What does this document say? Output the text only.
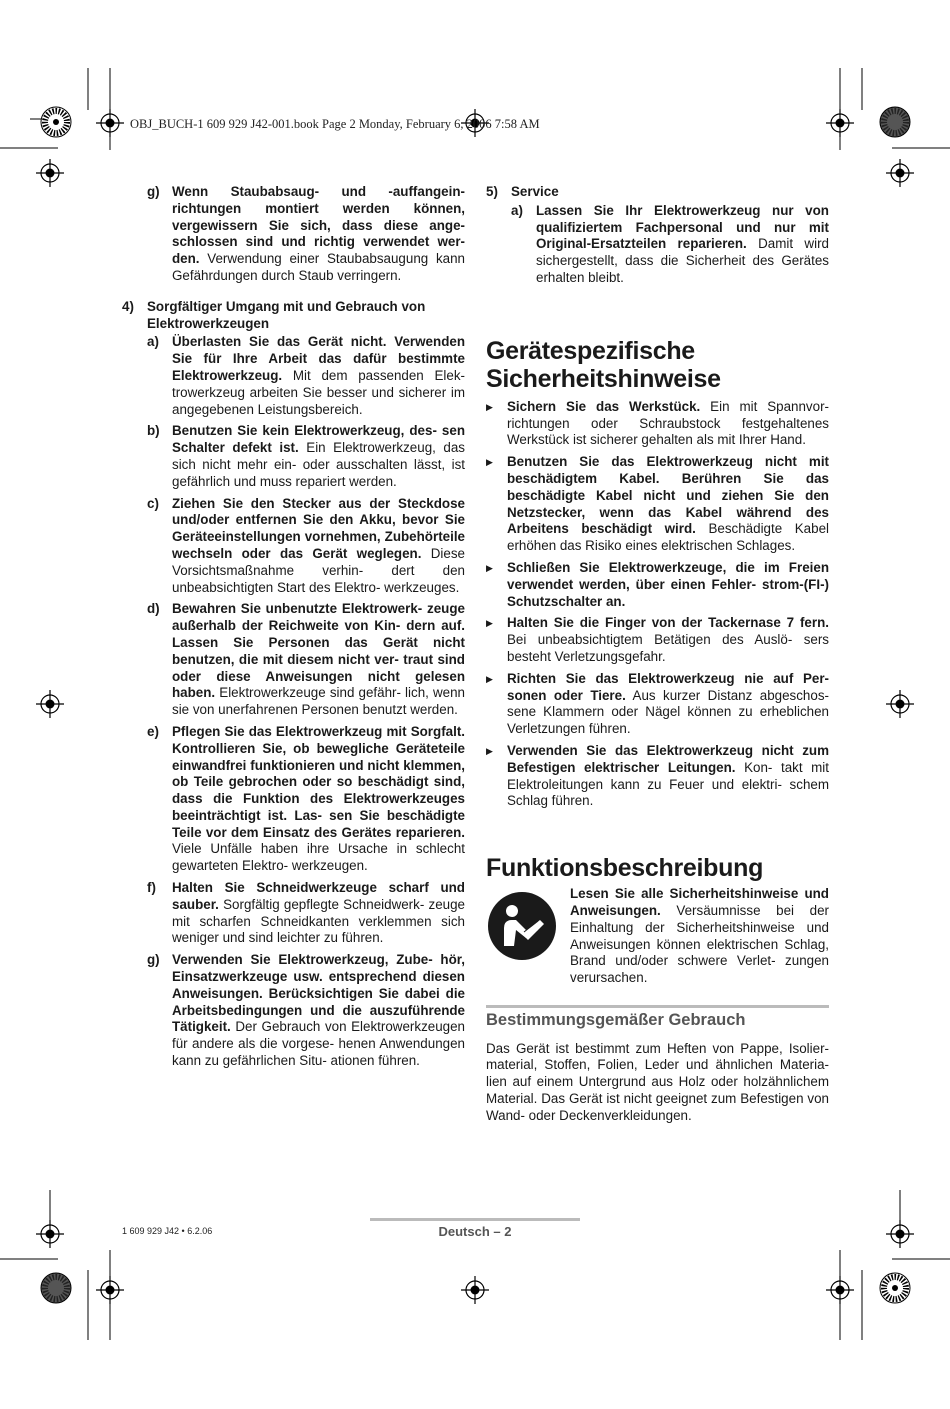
OBJ_BUCH-1 609 929 J42-001.book Page 2 Monday, February 6, 2006 7:58 AM
g) Wenn Staubabsaug- und -auffangein- richtungen montiert werden können, vergewissern Sie sich, dass diese ange- schlossen sind und richtig verwendet wer- den. Verwendung einer Staubabsaugung kann Gefährdungen durch Staub verringern.
4) Sorgfältiger Umgang mit und Gebrauch von Elektrowerkzeugen
a) Überlasten Sie das Gerät nicht. Verwenden Sie für Ihre Arbeit das dafür bestimmte Elektrowerkzeug. Mit dem passenden Elek- trowerkzeug arbeiten Sie besser und sicherer im angegebenen Leistungsbereich.
b) Benutzen Sie kein Elektrowerkzeug, des- sen Schalter defekt ist. Ein Elektrowerkzeug, das sich nicht mehr ein- oder ausschalten lässt, ist gefährlich und muss repariert werden.
c) Ziehen Sie den Stecker aus der Steckdose und/oder entfernen Sie den Akku, bevor Sie Geräteeinstellungen vornehmen, Zubehörteile wechseln oder das Gerät weglegen. Diese Vorsichtsmaßnahme verhin- dert den unbeabsichtigten Start des Elektro- werkzeuges.
d) Bewahren Sie unbenutzte Elektrowerk- zeuge außerhalb der Reichweite von Kin- dern auf. Lassen Sie Personen das Gerät nicht benutzen, die mit diesem nicht ver- traut sind oder diese Anweisungen nicht gelesen haben. Elektrowerkzeuge sind gefähr- lich, wenn sie von unerfahrenen Personen benutzt werden.
e) Pflegen Sie das Elektrowerkzeug mit Sorgfalt. Kontrollieren Sie, ob bewegliche Geräteteile einwandfrei funktionieren und nicht klemmen, ob Teile gebrochen oder so beschädigt sind, dass die Funktion des Elektrowerkzeuges beeinträchtigt ist. Las- sen Sie beschädigte Teile vor dem Einsatz des Gerätes reparieren. Viele Unfälle haben ihre Ursache in schlecht gewarteten Elektro- werkzeugen.
f)	Halten Sie Schneidwerkzeuge scharf und sauber. Sorgfältig gepflegte Schneidwerk- zeuge mit scharfen Schneidkanten verklemmen sich weniger und sind leichter zu führen.
g) Verwenden Sie Elektrowerkzeug, Zube- hör, Einsatzwerkzeuge usw. entsprechend diesen Anweisungen. Berücksichtigen Sie dabei die Arbeitsbedingungen und die auszuführende Tätigkeit. Der Gebrauch von Elektrowerkzeugen für andere als die vorgese- henen Anwendungen kann zu gefährlichen Situ- ationen führen.
5) Service
a) Lassen Sie Ihr Elektrowerkzeug nur von qualifiziertem Fachpersonal und nur mit Original-Ersatzteilen reparieren. Damit wird sichergestellt, dass die Sicherheit des Gerätes erhalten bleibt.
Gerätespezifische Sicherheitshinweise
▶	Sichern Sie das Werkstück. Ein mit Spannvor- richtungen oder Schraubstock festgehaltenes Werkstück ist sicherer gehalten als mit Ihrer Hand.
▶	Benutzen Sie das Elektrowerkzeug nicht mit beschädigtem Kabel. Berühren Sie das beschädigte Kabel nicht und ziehen Sie den Netzstecker, wenn das Kabel während des Arbeitens beschädigt wird. Beschädigte Kabel erhöhen das Risiko eines elektrischen Schlages.
▶	Schließen Sie Elektrowerkzeuge, die im Freien verwendet werden, über einen Fehler- strom-(FI-) Schutzschalter an.
▶	Halten Sie die Finger von der Tackernase 7 fern. Bei unbeabsichtigtem Betätigen des Auslö- sers besteht Verletzungsgefahr.
▶	Richten Sie das Elektrowerkzeug nie auf Per- sonen oder Tiere. Aus kurzer Distanz abgeschos- sene Klammern oder Nägel können zu erheblichen Verletzungen führen.
▶	Verwenden Sie das Elektrowerkzeug nicht zum Befestigen elektrischer Leitungen. Kon- takt mit Elektroleitungen kann zu Feuer und elektri- schem Schlag führen.
Funktionsbeschreibung
Lesen Sie alle Sicherheitshinweise und Anweisungen. Versäumnisse bei der Einhaltung der Sicherheitshinweise und Anweisungen können elektrischen Schlag, Brand und/oder schwere Verlet- zungen verursachen.
Bestimmungsgemäßer Gebrauch
Das Gerät ist bestimmt zum Heften von Pappe, Isolier- material, Stoffen, Folien, Leder und ähnlichen Materia- lien auf einem Untergrund aus Holz oder holzähnlichem Material. Das Gerät ist nicht geeignet zum Befestigen von Wand- oder Deckenverkleidungen.
1 609 929 J42 • 6.2.06	Deutsch – 2
